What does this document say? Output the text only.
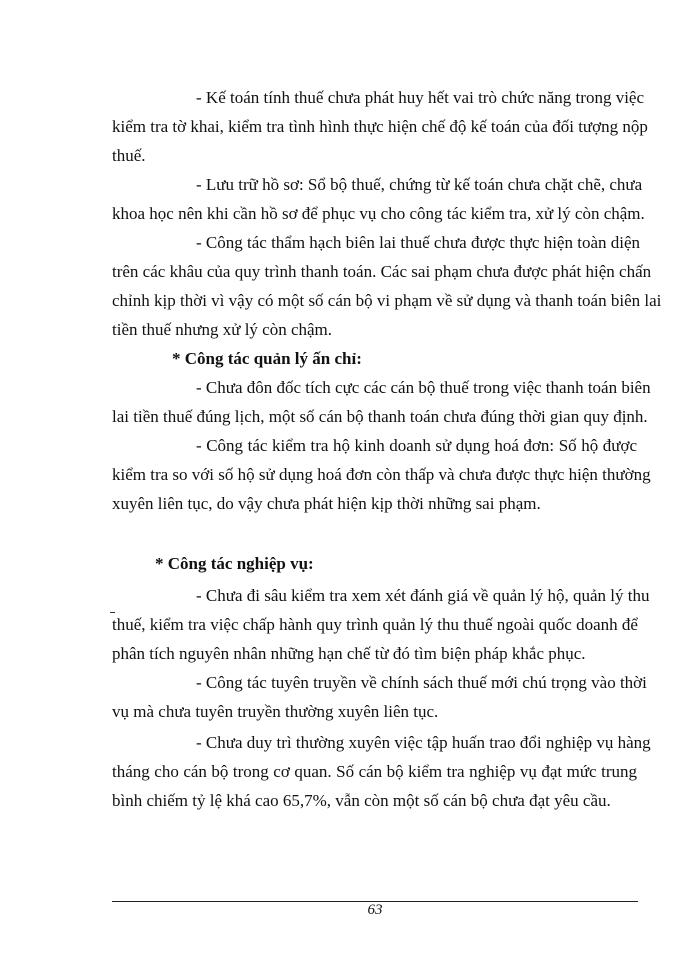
- Kế toán tính thuế chưa phát huy hết vai trò chức năng trong việc
kiểm tra tờ khai, kiểm tra tình hình thực hiện chế độ kế toán của đối tượng nộp
thuế.
- Lưu trữ hồ sơ: Sổ bộ thuế, chứng từ kế toán chưa chặt chẽ, chưa
khoa học nên khi cần hồ sơ để phục vụ cho công tác kiểm tra, xử lý còn chậm.
- Công tác thẩm hạch biên lai thuế chưa được thực hiện toàn diện
trên các khâu của quy trình thanh toán. Các sai phạm chưa được phát hiện chấn
chỉnh kịp thời vì vậy có một số cán bộ vi phạm về sử dụng và thanh toán biên lai
tiền thuế nhưng xử lý còn chậm.
* Công tác quản lý ấn chỉ:
- Chưa đôn đốc tích cực các cán bộ thuế trong việc thanh toán biên
lai tiền thuế đúng lịch, một số cán bộ thanh toán chưa đúng thời gian quy định.
- Công tác kiểm tra hộ kinh doanh sử dụng hoá đơn: Số hộ được
kiểm tra so với số hộ sử dụng hoá đơn còn thấp và chưa được thực hiện thường
xuyên liên tục, do vậy chưa phát hiện kịp thời những sai phạm.
* Công tác nghiệp vụ:
- Chưa đi sâu kiểm tra xem xét đánh giá về quản lý hộ, quản lý thu
thuế, kiểm tra việc chấp hành quy trình quản lý thu thuế ngoài quốc doanh để
phân tích nguyên nhân những hạn chế từ đó tìm biện pháp khắc phục.
- Công tác tuyên truyền về chính sách thuế mới chú trọng vào thời
vụ mà chưa tuyên truyền thường xuyên liên tục.
- Chưa duy trì thường xuyên việc tập huấn trao đổi nghiệp vụ hàng
tháng cho cán bộ trong cơ quan. Số cán bộ kiểm tra nghiệp vụ đạt mức trung
bình chiếm tỷ lệ khá cao 65,7%, vẫn còn một số cán bộ chưa đạt yêu cầu.
63
